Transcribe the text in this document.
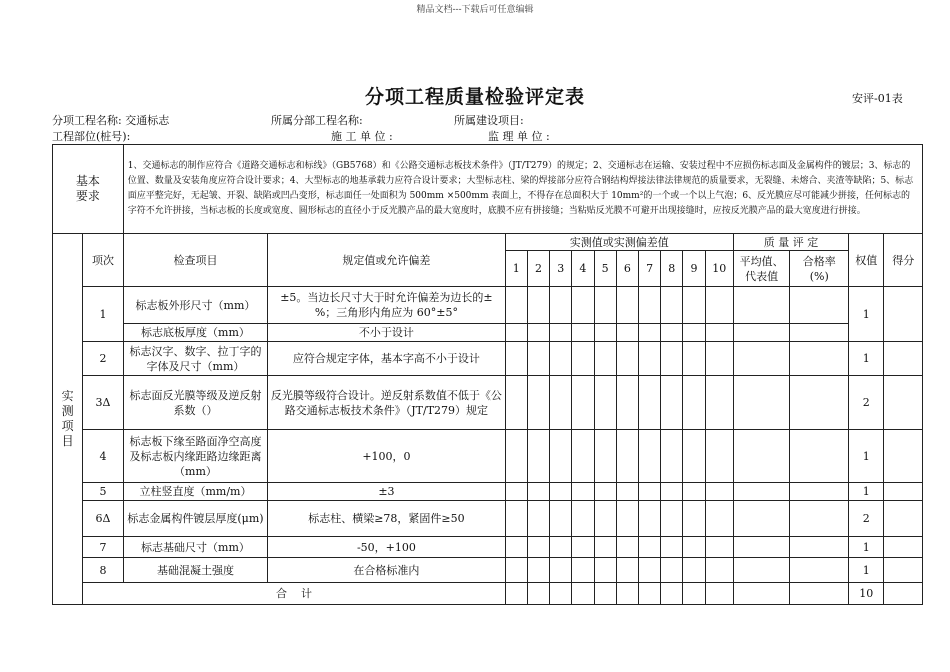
精品文档---下载后可任意编辑
分项工程质量检验评定表	安评-01表
分项工程名称: 交通标志	所属分部工程名称:	所属建设项目:
工程部位(桩号):	施 工 单 位 :	监 理 单 位 :
基本
要求		1、交通标志的制作应符合《道路交通标志和标线》（GB5768）和《公路交通标志板技术条件》（JT/T279）的规定；2、交通标志在运输、安装过程中不应损伤标志面及金属构件的镀层；3、标志的位置、数量及安装角度应符合设计要求；4、大型标志的地基承载力应符合设计要求；大型标志柱、梁的焊接部分应符合钢结构焊接法律法律规范的质量要求，无裂缝、未熔合、夹渣等缺陷；5、标志面应平整完好，无起皱、开裂、缺陷或凹凸变形，标志面任一处面积为 500mm ×500mm 表面上，不得存在总面积大于 10mm²的一个或一个以上气泡；6、反光膜应尽可能减少拼接，任何标志的字符不允许拼接，当标志板的长度或宽度、圆形标志的直径小于反光膜产品的最大宽度时，底膜不应有拼接缝；当粘贴反光膜不可避开出现接缝时，应按反光膜产品的最大宽度进行拼接。															
实
测
项
目	项次	检查项目	规定值或允许偏差	实测值或实测偏差值										质 量 评 定		权值	得分
				1	2	3	4	5	6	7	8	9	10	平均值、
代表值	合格率
(%)		
	1	标志板外形尺寸（mm）	±5。当边长尺寸大于时允许偏差为边长的±%；三角形内角应为 60°±5°													1	
		标志底板厚度（mm）	不小于设计														
	2	标志汉字、数字、拉丁字的字体及尺寸（mm）	应符合规定字体，基本字高不小于设计													1	
	3Δ	标志面反光膜等级及逆反射系数（）	反光膜等级符合设计。逆反射系数值不低于《公路交通标志板技术条件》（JT/T279）规定													2	
	4	标志板下缘至路面净空高度及标志板内缘距路边缘距离（mm）	+100，0													1	
	5	立柱竖直度（mm/m）	±3													1	
	6Δ	标志金属构件镀层厚度(μm)	标志柱、横梁≥78，紧固件≥50													2	
	7	标志基础尺寸（mm）	-50，+100													1	
	8	基础混凝土强度	在合格标准内													1	
	合    计															10	
